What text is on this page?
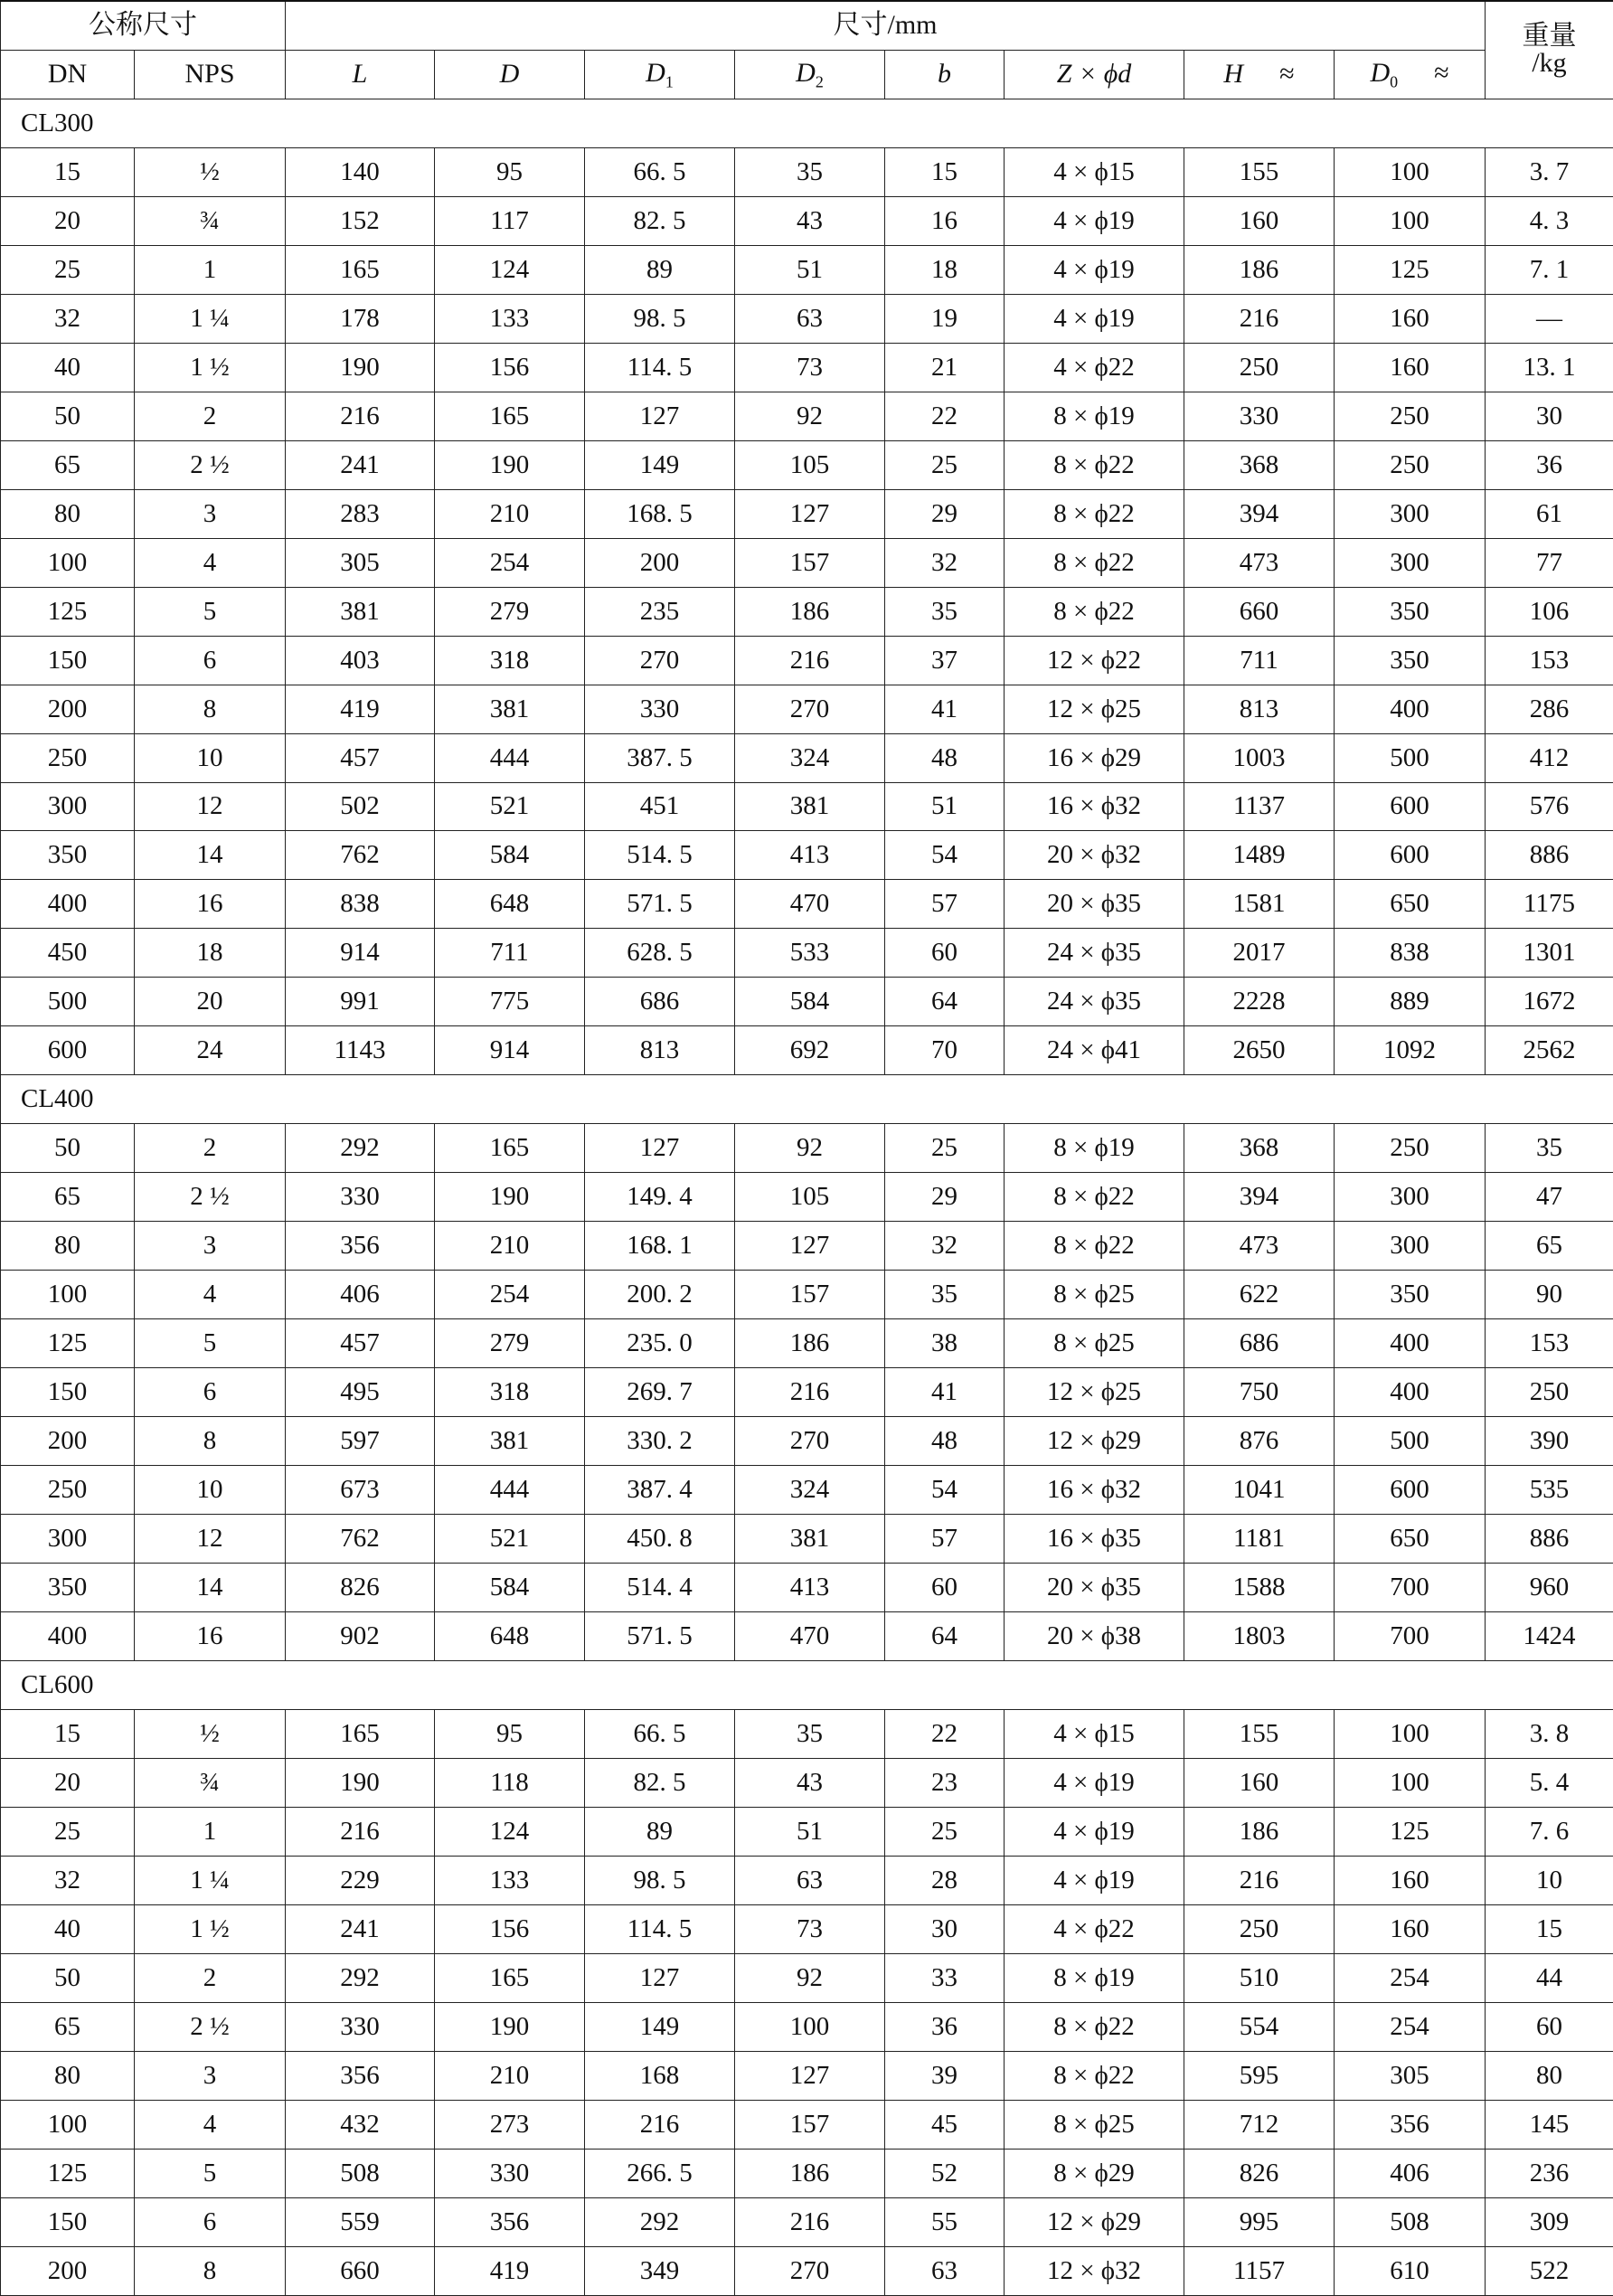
公称尺寸		尺寸/mm								重量
/kg
DN	NPS	L	D	$D_1$	$D_2$	b	Z × ϕd	H ≈	$D_0$ ≈	
CL300										
15	½	140	95	66. 5	35	15	4 × ϕ15	155	100	3. 7
20	¾	152	117	82. 5	43	16	4 × ϕ19	160	100	4. 3
25	1	165	124	89	51	18	4 × ϕ19	186	125	7. 1
32	1 ¼	178	133	98. 5	63	19	4 × ϕ19	216	160	—
40	1 ½	190	156	114. 5	73	21	4 × ϕ22	250	160	13. 1
50	2	216	165	127	92	22	8 × ϕ19	330	250	30
65	2 ½	241	190	149	105	25	8 × ϕ22	368	250	36
80	3	283	210	168. 5	127	29	8 × ϕ22	394	300	61
100	4	305	254	200	157	32	8 × ϕ22	473	300	77
125	5	381	279	235	186	35	8 × ϕ22	660	350	106
150	6	403	318	270	216	37	12 × ϕ22	711	350	153
200	8	419	381	330	270	41	12 × ϕ25	813	400	286
250	10	457	444	387. 5	324	48	16 × ϕ29	1003	500	412
300	12	502	521	451	381	51	16 × ϕ32	1137	600	576
350	14	762	584	514. 5	413	54	20 × ϕ32	1489	600	886
400	16	838	648	571. 5	470	57	20 × ϕ35	1581	650	1175
450	18	914	711	628. 5	533	60	24 × ϕ35	2017	838	1301
500	20	991	775	686	584	64	24 × ϕ35	2228	889	1672
600	24	1143	914	813	692	70	24 × ϕ41	2650	1092	2562
CL400										
50	2	292	165	127	92	25	8 × ϕ19	368	250	35
65	2 ½	330	190	149. 4	105	29	8 × ϕ22	394	300	47
80	3	356	210	168. 1	127	32	8 × ϕ22	473	300	65
100	4	406	254	200. 2	157	35	8 × ϕ25	622	350	90
125	5	457	279	235. 0	186	38	8 × ϕ25	686	400	153
150	6	495	318	269. 7	216	41	12 × ϕ25	750	400	250
200	8	597	381	330. 2	270	48	12 × ϕ29	876	500	390
250	10	673	444	387. 4	324	54	16 × ϕ32	1041	600	535
300	12	762	521	450. 8	381	57	16 × ϕ35	1181	650	886
350	14	826	584	514. 4	413	60	20 × ϕ35	1588	700	960
400	16	902	648	571. 5	470	64	20 × ϕ38	1803	700	1424
CL600										
15	½	165	95	66. 5	35	22	4 × ϕ15	155	100	3. 8
20	¾	190	118	82. 5	43	23	4 × ϕ19	160	100	5. 4
25	1	216	124	89	51	25	4 × ϕ19	186	125	7. 6
32	1 ¼	229	133	98. 5	63	28	4 × ϕ19	216	160	10
40	1 ½	241	156	114. 5	73	30	4 × ϕ22	250	160	15
50	2	292	165	127	92	33	8 × ϕ19	510	254	44
65	2 ½	330	190	149	100	36	8 × ϕ22	554	254	60
80	3	356	210	168	127	39	8 × ϕ22	595	305	80
100	4	432	273	216	157	45	8 × ϕ25	712	356	145
125	5	508	330	266. 5	186	52	8 × ϕ29	826	406	236
150	6	559	356	292	216	55	12 × ϕ29	995	508	309
200	8	660	419	349	270	63	12 × ϕ32	1157	610	522
